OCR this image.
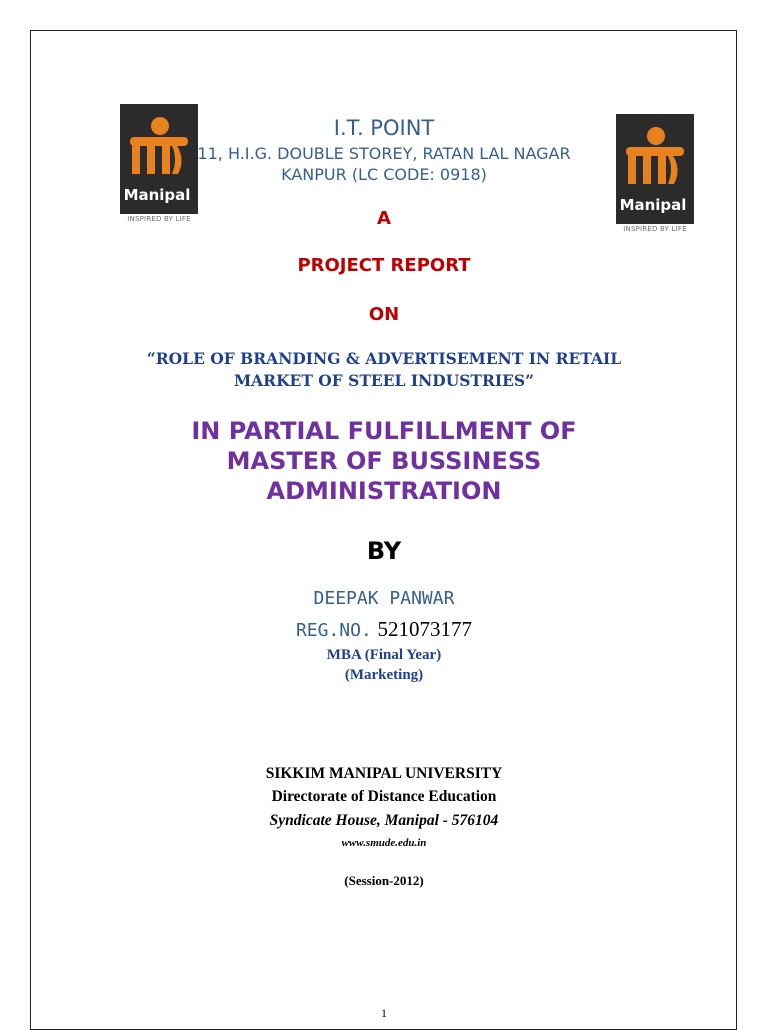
Manipal
INSPIRED BY LIFE
Manipal
INSPIRED BY LIFE
I.T. POINT
11, H.I.G. DOUBLE STOREY, RATAN LAL NAGAR
KANPUR (LC CODE: 0918)
A
PROJECT REPORT
ON
“ROLE OF BRANDING & ADVERTISEMENT IN RETAIL
MARKET OF STEEL INDUSTRIES”
IN PARTIAL FULFILLMENT OF
MASTER OF BUSSINESS
ADMINISTRATION
BY
DEEPAK PANWAR
REG.NO. 521073177
MBA (Final Year)
(Marketing)
SIKKIM MANIPAL UNIVERSITY
Directorate of Distance Education
Syndicate House, Manipal - 576104
www.smude.edu.in
(Session-2012)
1
